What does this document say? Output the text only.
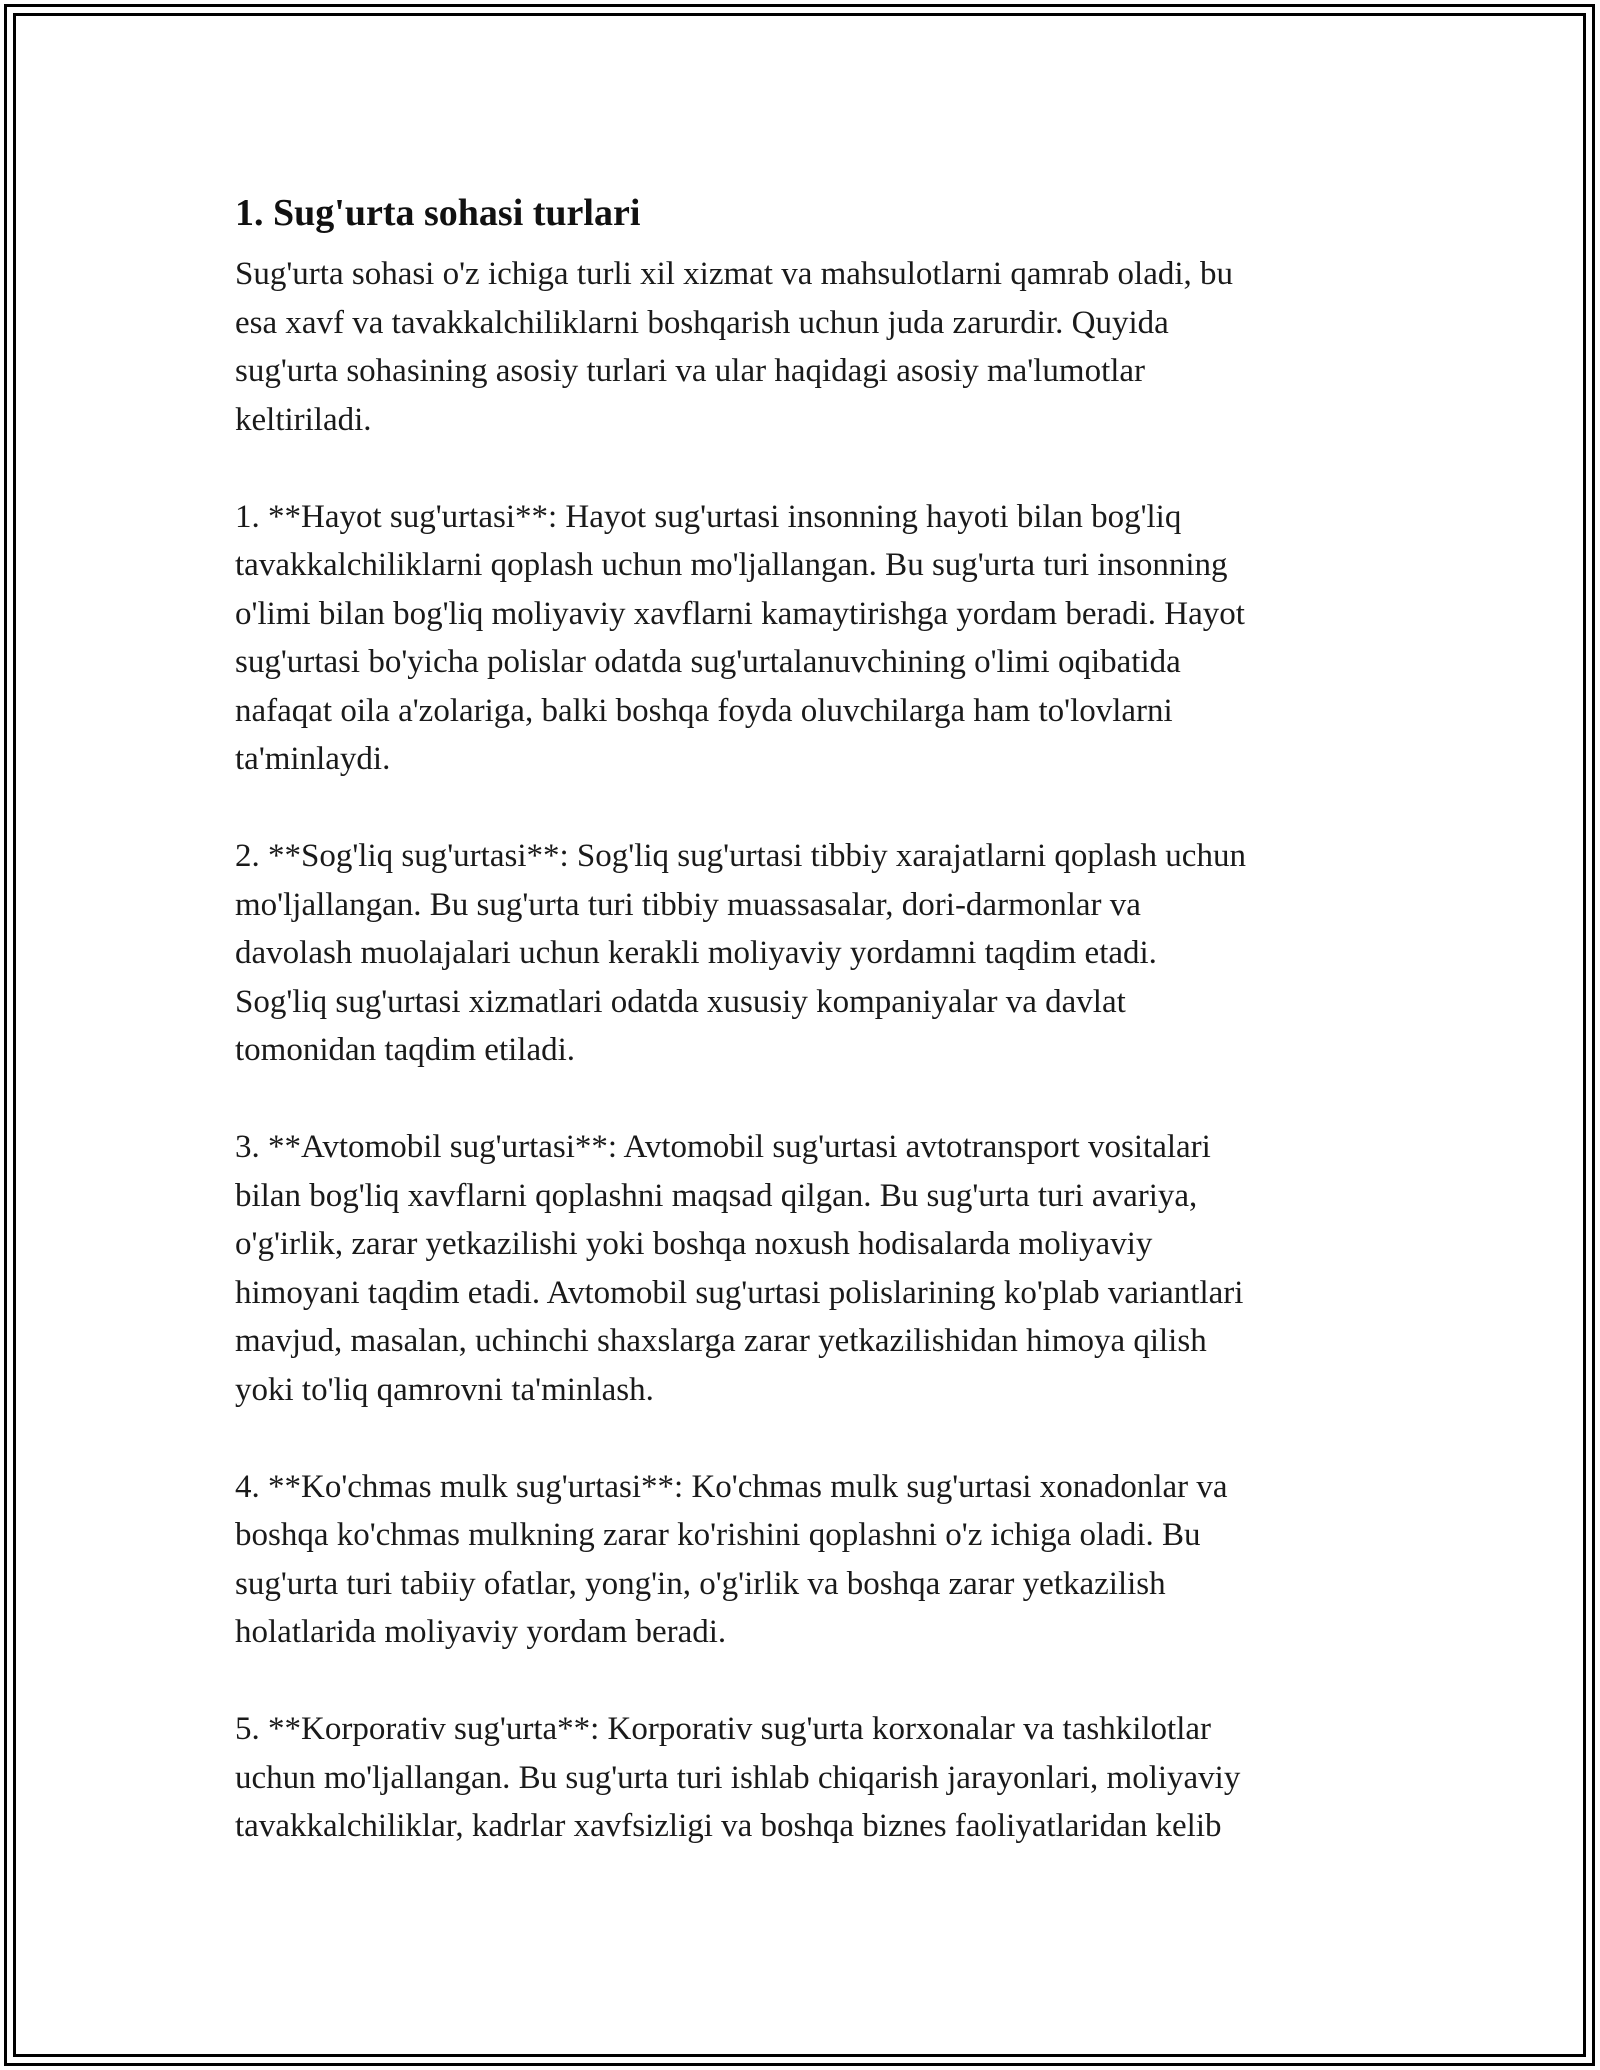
1. Sug'urta sohasi turlari

Sug'urta sohasi o'z ichiga turli xil xizmat va mahsulotlarni qamrab oladi, bu
esa xavf va tavakkalchiliklarni boshqarish uchun juda zarurdir. Quyida
sug'urta sohasining asosiy turlari va ular haqidagi asosiy ma'lumotlar
keltiriladi.

1. **Hayot sug'urtasi**: Hayot sug'urtasi insonning hayoti bilan bog'liq
tavakkalchiliklarni qoplash uchun mo'ljallangan. Bu sug'urta turi insonning
o'limi bilan bog'liq moliyaviy xavflarni kamaytirishga yordam beradi. Hayot
sug'urtasi bo'yicha polislar odatda sug'urtalanuvchining o'limi oqibatida
nafaqat oila a'zolariga, balki boshqa foyda oluvchilarga ham to'lovlarni
ta'minlaydi.

2. **Sog'liq sug'urtasi**: Sog'liq sug'urtasi tibbiy xarajatlarni qoplash uchun
mo'ljallangan. Bu sug'urta turi tibbiy muassasalar, dori-darmonlar va
davolash muolajalari uchun kerakli moliyaviy yordamni taqdim etadi.
Sog'liq sug'urtasi xizmatlari odatda xususiy kompaniyalar va davlat
tomonidan taqdim etiladi.

3. **Avtomobil sug'urtasi**: Avtomobil sug'urtasi avtotransport vositalari
bilan bog'liq xavflarni qoplashni maqsad qilgan. Bu sug'urta turi avariya,
o'g'irlik, zarar yetkazilishi yoki boshqa noxush hodisalarda moliyaviy
himoyani taqdim etadi. Avtomobil sug'urtasi polislarining ko'plab variantlari
mavjud, masalan, uchinchi shaxslarga zarar yetkazilishidan himoya qilish
yoki to'liq qamrovni ta'minlash.

4. **Ko'chmas mulk sug'urtasi**: Ko'chmas mulk sug'urtasi xonadonlar va
boshqa ko'chmas mulkning zarar ko'rishini qoplashni o'z ichiga oladi. Bu
sug'urta turi tabiiy ofatlar, yong'in, o'g'irlik va boshqa zarar yetkazilish
holatlarida moliyaviy yordam beradi.

5. **Korporativ sug'urta**: Korporativ sug'urta korxonalar va tashkilotlar
uchun mo'ljallangan. Bu sug'urta turi ishlab chiqarish jarayonlari, moliyaviy
tavakkalchiliklar, kadrlar xavfsizligi va boshqa biznes faoliyatlaridan kelib
